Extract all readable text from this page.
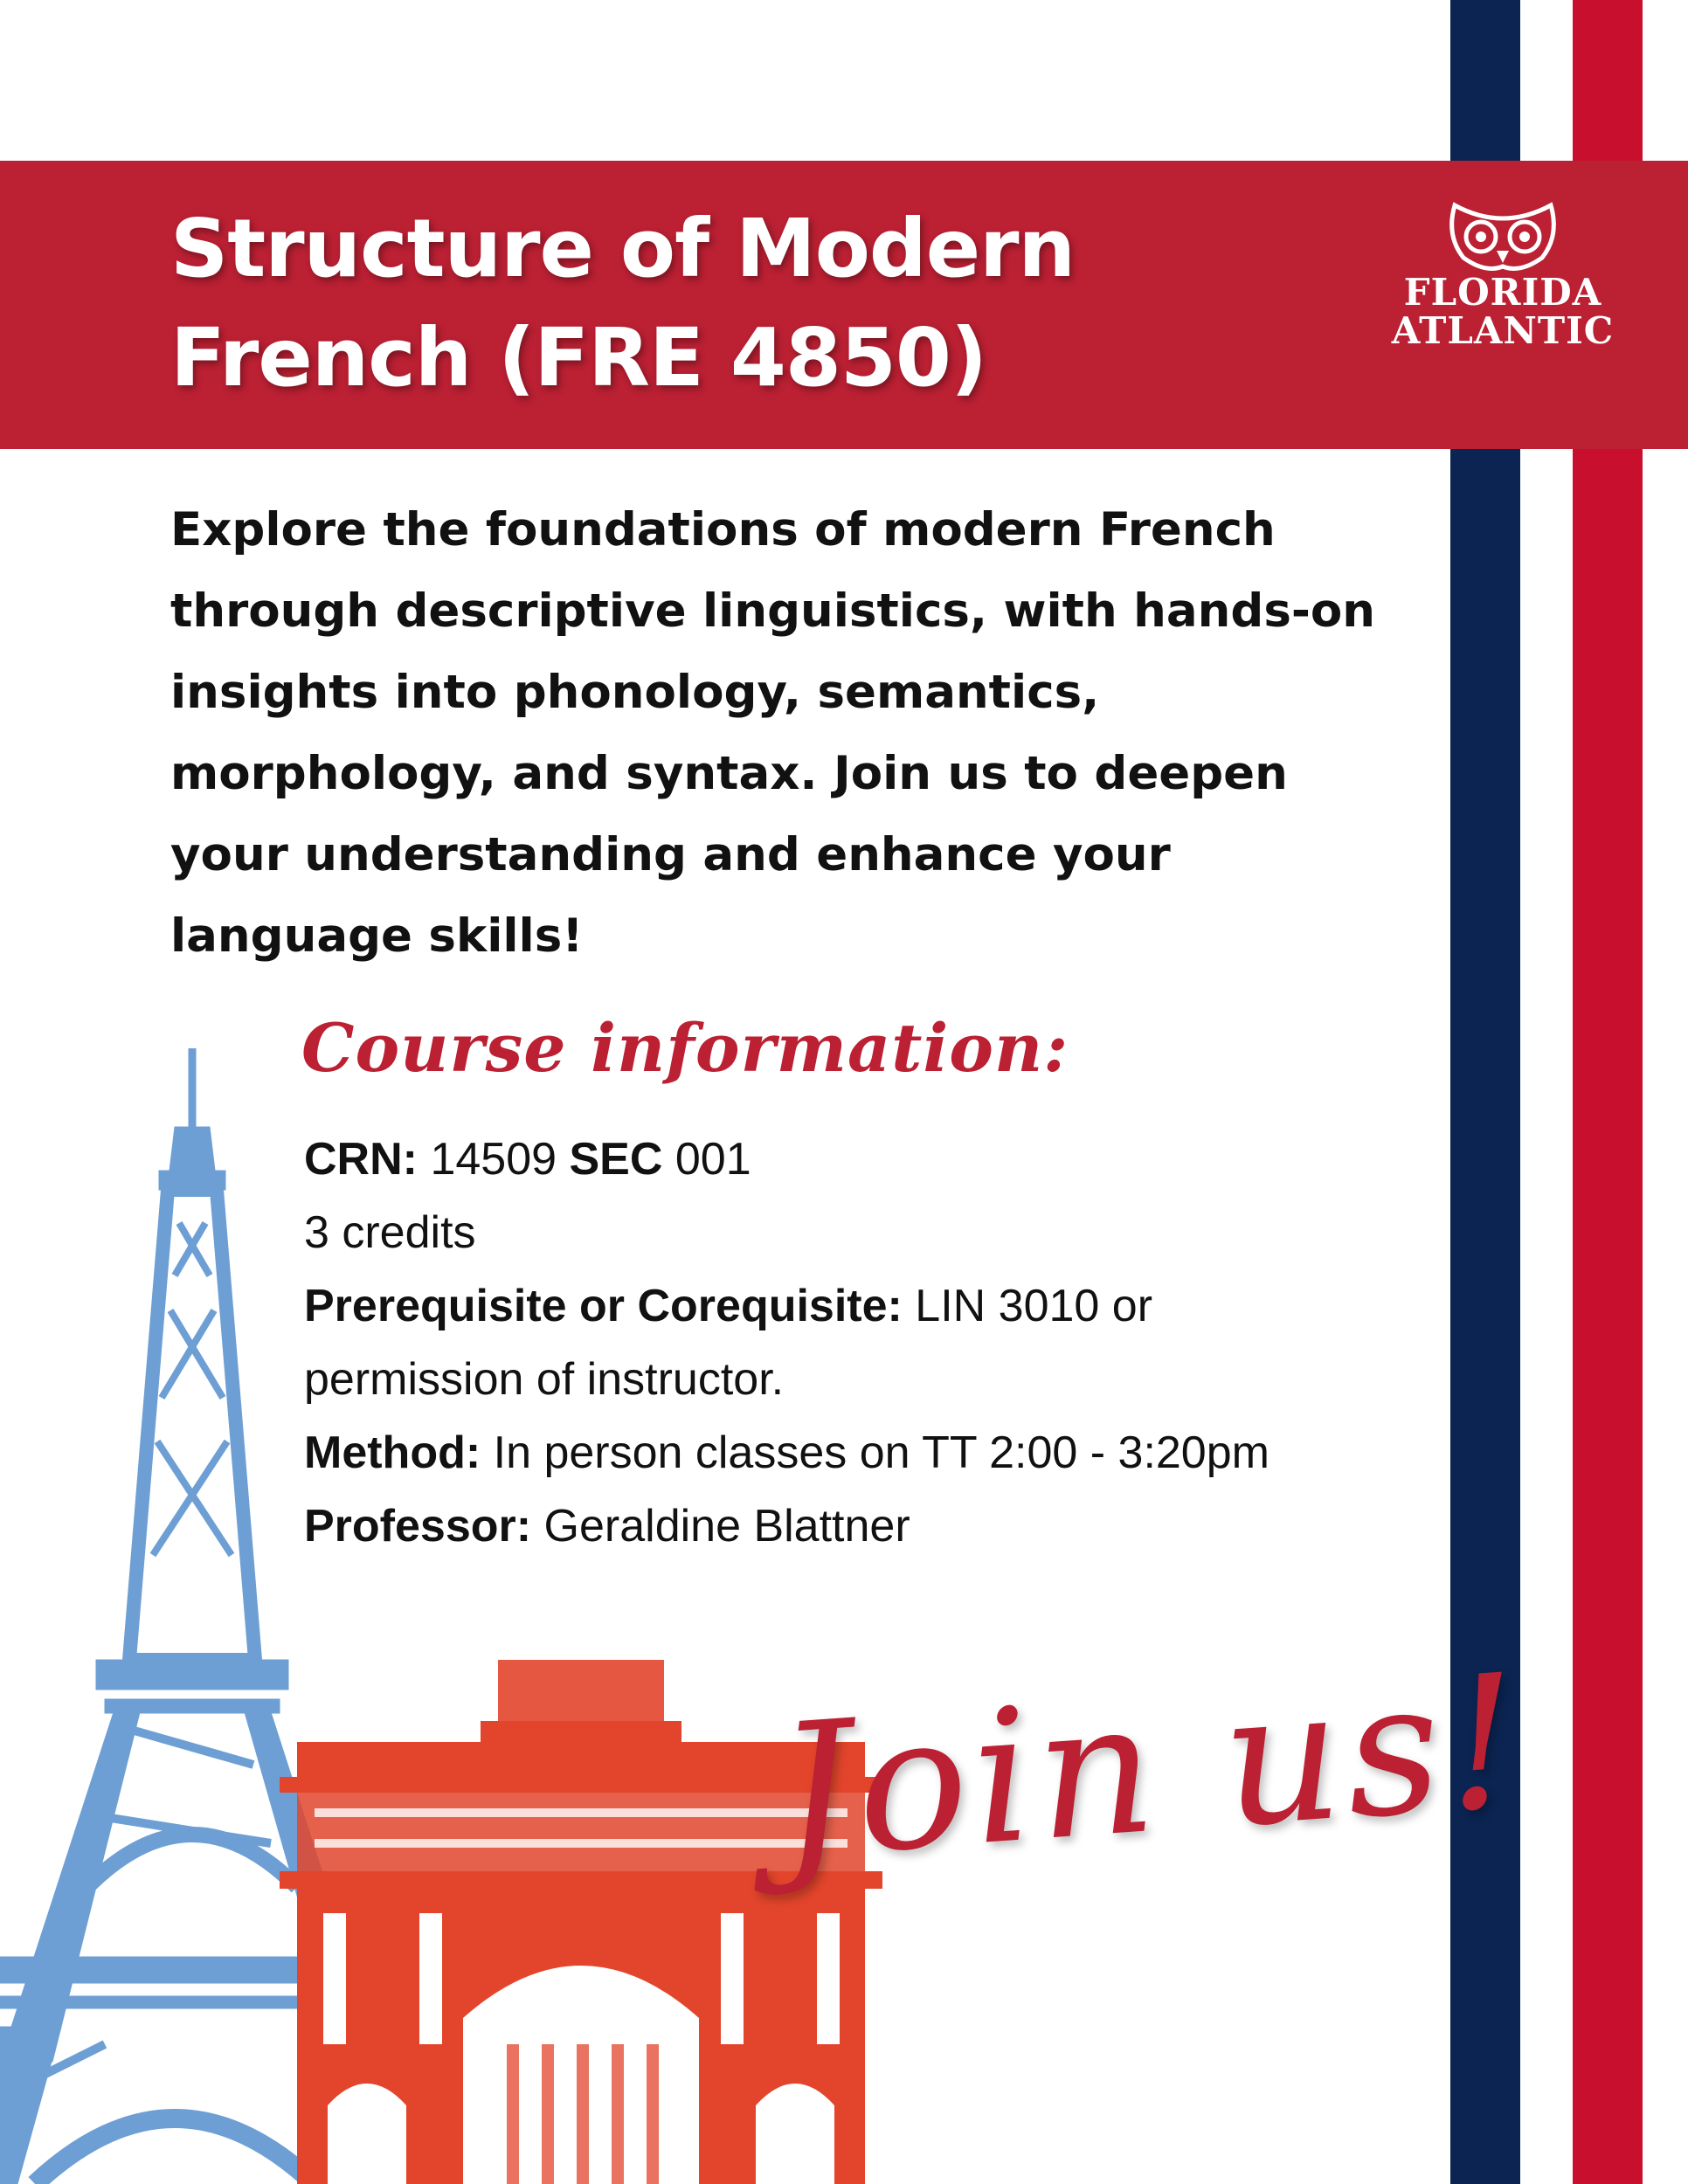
Structure of Modern
French (FRE 4850)
FLORIDA
ATLANTIC

Explore the foundations of modern French through descriptive linguistics, with hands-on insights into phonology, semantics, morphology, and syntax. Join us to deepen your understanding and enhance your language skills!

Course information:
CRN: 14509 SEC 001
3 credits
Prerequisite or Corequisite: LIN 3010 or permission of instructor.
Method: In person classes on TT 2:00 - 3:20pm
Professor: Geraldine Blattner
Join us!
